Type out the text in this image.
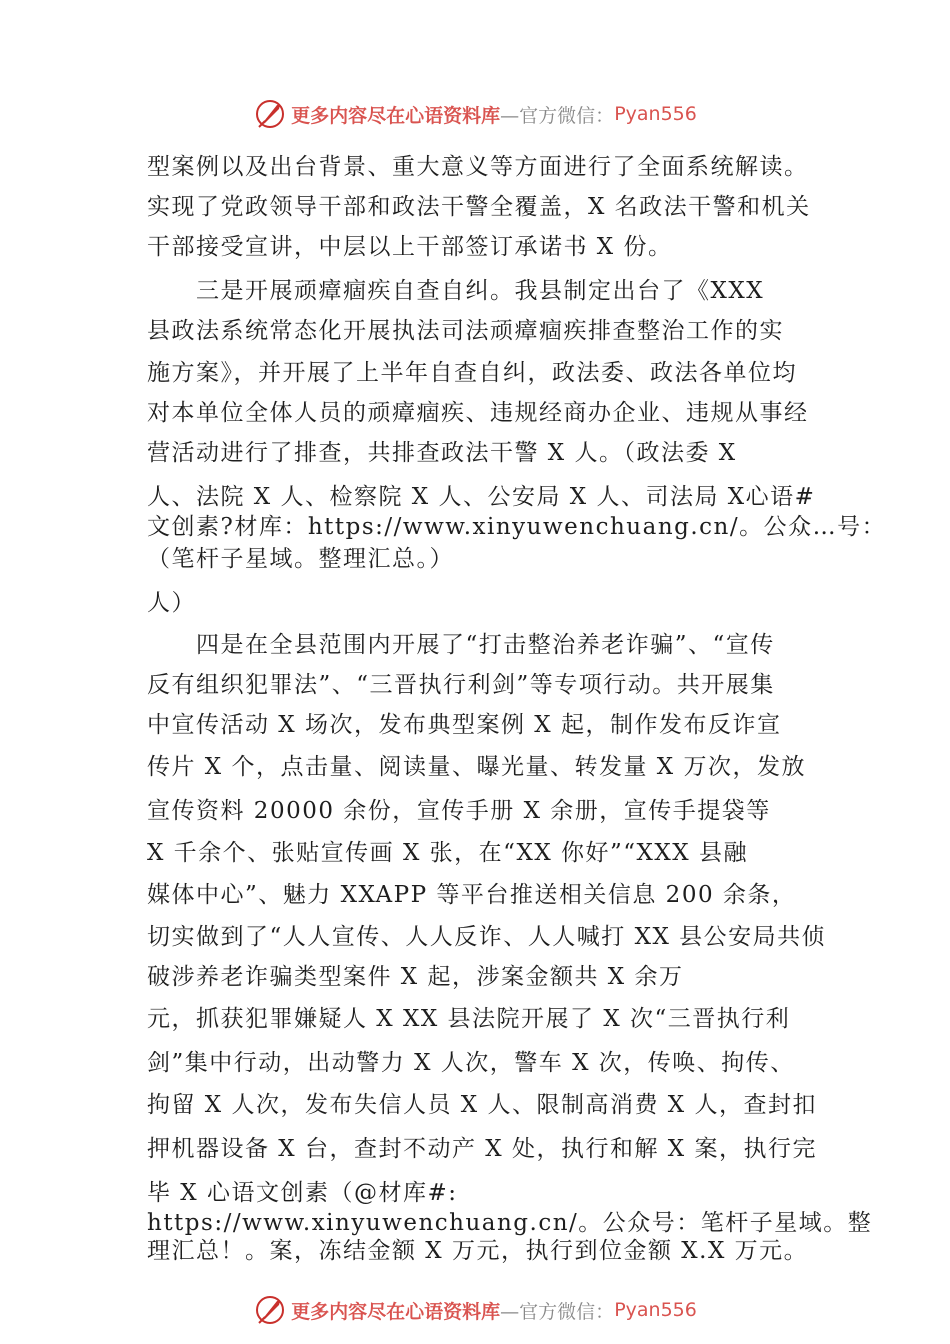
更多内容尽在心语资料库 —官方微信： Pyan556
型案例以及出台背景、重大意义等方面进行了全面系统解读。
实现了党政领导干部和政法干警全覆盖，X 名政法干警和机关
干部接受宣讲，中层以上干部签订承诺书 X 份。
三是开展顽瘴痼疾自查自纠。我县制定出台了《XXX
县政法系统常态化开展执法司法顽瘴痼疾排查整治工作的实
施方案》，并开展了上半年自查自纠，政法委、政法各单位均
对本单位全体人员的顽瘴痼疾、违规经商办企业、违规从事经
营活动进行了排查，共排查政法干警 X 人。（政法委 X
人、法院 X 人、检察院 X 人、公安局 X 人、司法局 X心语#
文创素?材库：https://www.xinyuwenchuang.cn/。公众…号：
（笔杆子星域。整理汇总。）
人）
四是在全县范围内开展了“打击整治养老诈骗”、“宣传
反有组织犯罪法”、“三晋执行利剑”等专项行动。共开展集
中宣传活动 X 场次，发布典型案例 X 起，制作发布反诈宣
传片 X 个，点击量、阅读量、曝光量、转发量 X 万次，发放
宣传资料 20000 余份，宣传手册 X 余册，宣传手提袋等
X 千余个、张贴宣传画 X 张，在“XX 你好”“XXX 县融
媒体中心”、魅力 XXAPP 等平台推送相关信息 200 余条，
切实做到了“人人宣传、人人反诈、人人喊打 XX 县公安局共侦
破涉养老诈骗类型案件 X 起，涉案金额共 X 余万
元，抓获犯罪嫌疑人 X XX 县法院开展了 X 次“三晋执行利
剑”集中行动，出动警力 X 人次，警车 X 次，传唤、拘传、
拘留 X 人次，发布失信人员 X 人、限制高消费 X 人，查封扣
押机器设备 X 台，查封不动产 X 处，执行和解 X 案，执行完
毕 X 心语文创素（@材库#:
https://www.xinyuwenchuang.cn/。公众号：笔杆子星域。整
理汇总！。案，冻结金额 X 万元，执行到位金额 X.X 万元。
更多内容尽在心语资料库 —官方微信： Pyan556
